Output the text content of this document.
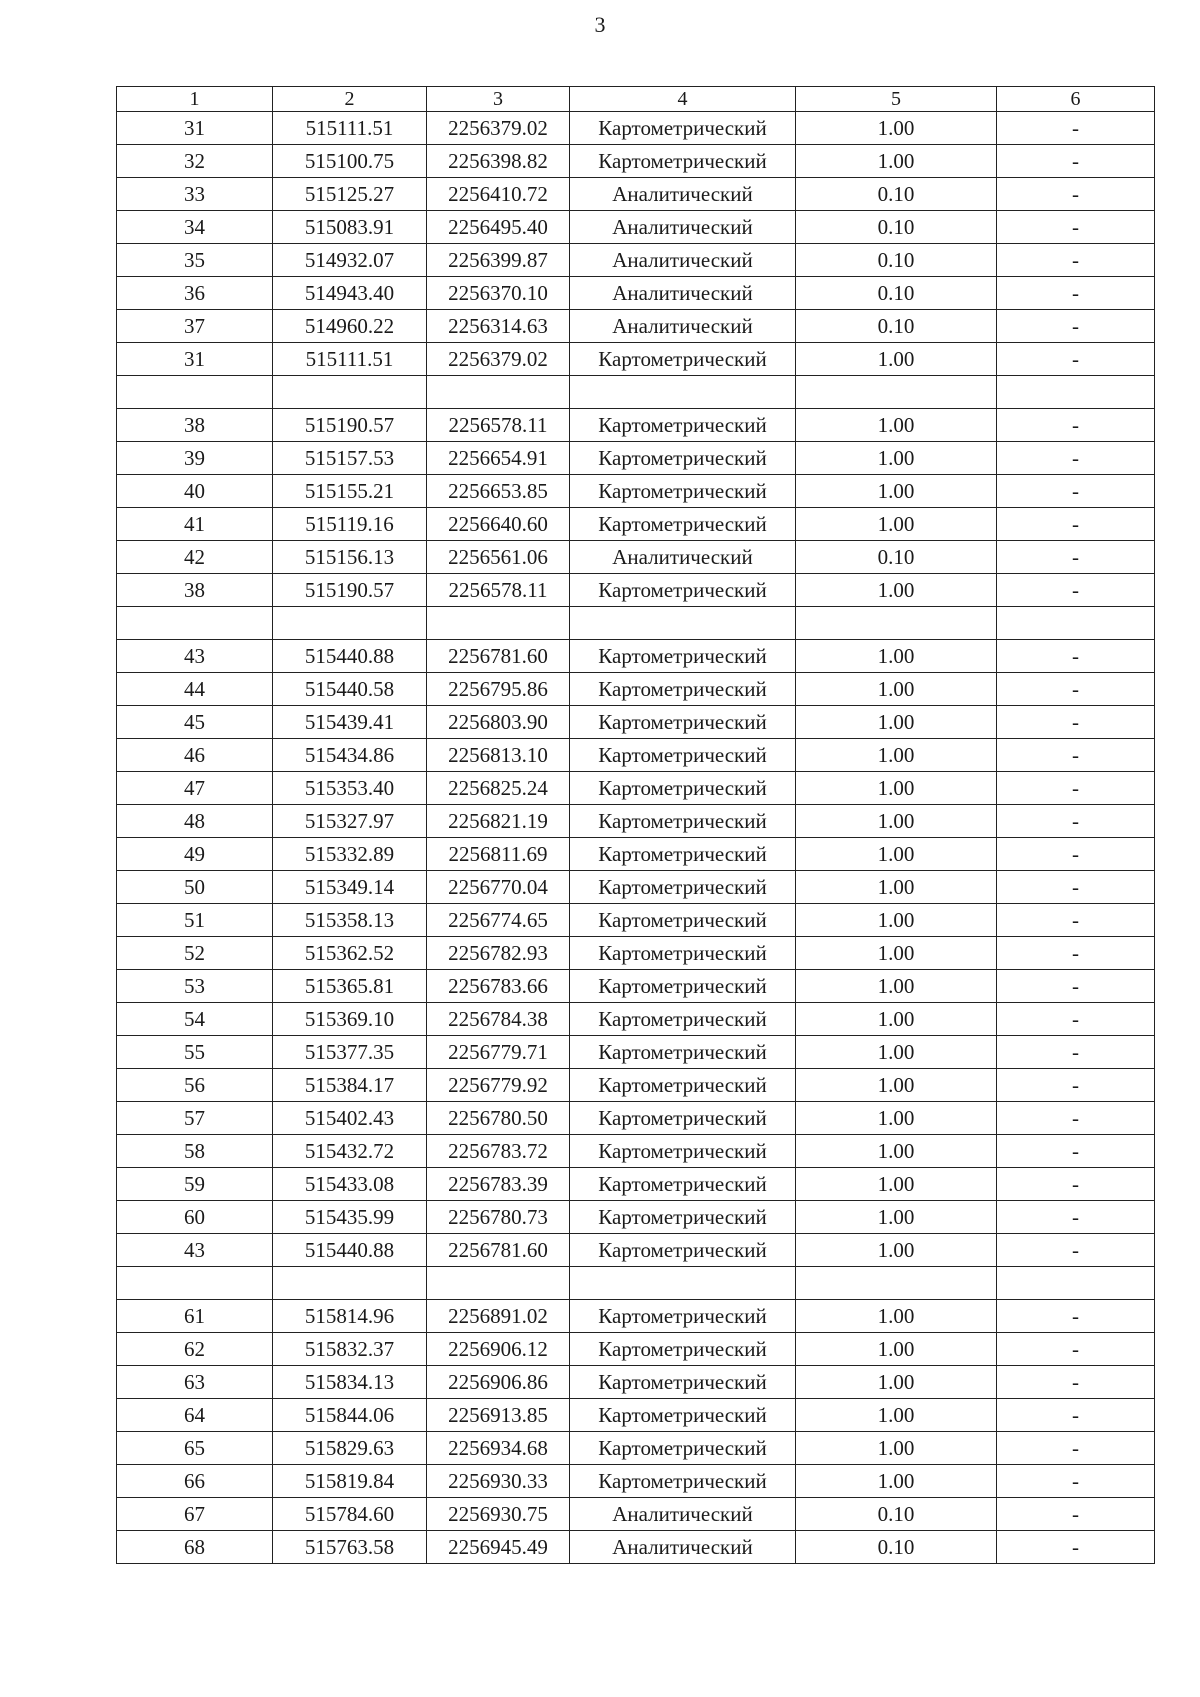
3
1	2	3	4	5	6
31	515111.51	2256379.02	Картометрический	1.00	-
32	515100.75	2256398.82	Картометрический	1.00	-
33	515125.27	2256410.72	Аналитический	0.10	-
34	515083.91	2256495.40	Аналитический	0.10	-
35	514932.07	2256399.87	Аналитический	0.10	-
36	514943.40	2256370.10	Аналитический	0.10	-
37	514960.22	2256314.63	Аналитический	0.10	-
31	515111.51	2256379.02	Картометрический	1.00	-

38	515190.57	2256578.11	Картометрический	1.00	-
39	515157.53	2256654.91	Картометрический	1.00	-
40	515155.21	2256653.85	Картометрический	1.00	-
41	515119.16	2256640.60	Картометрический	1.00	-
42	515156.13	2256561.06	Аналитический	0.10	-
38	515190.57	2256578.11	Картометрический	1.00	-

43	515440.88	2256781.60	Картометрический	1.00	-
44	515440.58	2256795.86	Картометрический	1.00	-
45	515439.41	2256803.90	Картометрический	1.00	-
46	515434.86	2256813.10	Картометрический	1.00	-
47	515353.40	2256825.24	Картометрический	1.00	-
48	515327.97	2256821.19	Картометрический	1.00	-
49	515332.89	2256811.69	Картометрический	1.00	-
50	515349.14	2256770.04	Картометрический	1.00	-
51	515358.13	2256774.65	Картометрический	1.00	-
52	515362.52	2256782.93	Картометрический	1.00	-
53	515365.81	2256783.66	Картометрический	1.00	-
54	515369.10	2256784.38	Картометрический	1.00	-
55	515377.35	2256779.71	Картометрический	1.00	-
56	515384.17	2256779.92	Картометрический	1.00	-
57	515402.43	2256780.50	Картометрический	1.00	-
58	515432.72	2256783.72	Картометрический	1.00	-
59	515433.08	2256783.39	Картометрический	1.00	-
60	515435.99	2256780.73	Картометрический	1.00	-
43	515440.88	2256781.60	Картометрический	1.00	-

61	515814.96	2256891.02	Картометрический	1.00	-
62	515832.37	2256906.12	Картометрический	1.00	-
63	515834.13	2256906.86	Картометрический	1.00	-
64	515844.06	2256913.85	Картометрический	1.00	-
65	515829.63	2256934.68	Картометрический	1.00	-
66	515819.84	2256930.33	Картометрический	1.00	-
67	515784.60	2256930.75	Аналитический	0.10	-
68	515763.58	2256945.49	Аналитический	0.10	-
